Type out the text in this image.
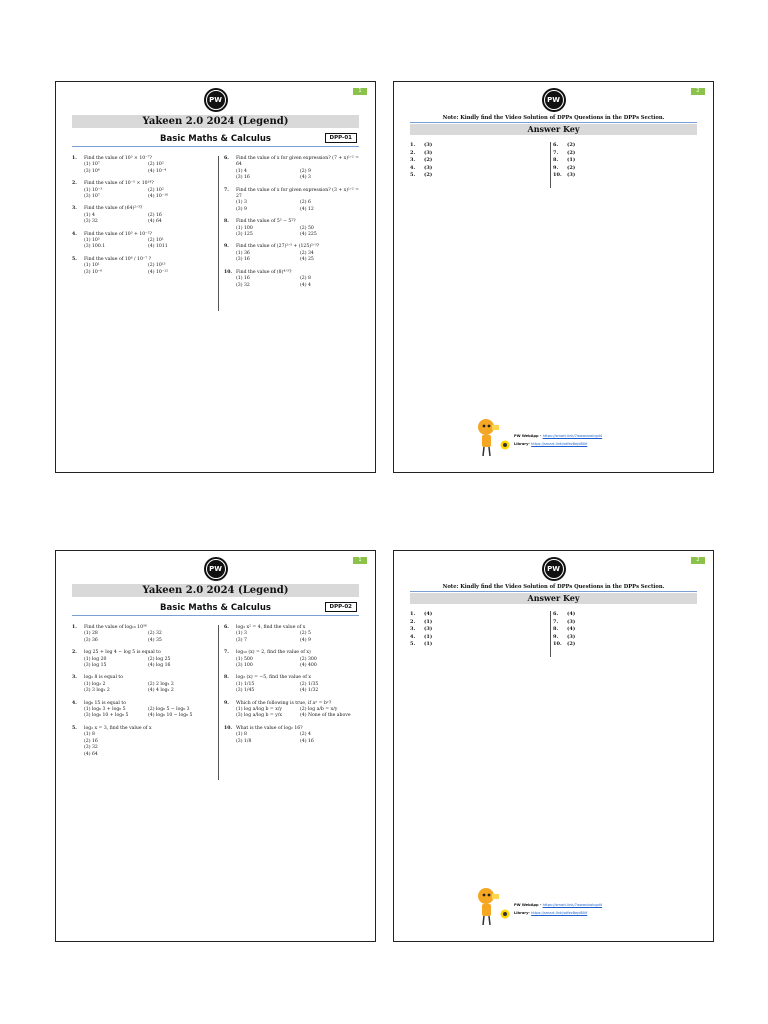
1
PW
Yakeen 2.0 2024 (Legend)
Basic Maths & Calculus	DPP-01
1.	Find the value of 10³ × 10⁻⁷?
(1) 10⁷	(2) 10²
(3) 10⁶	(4) 10⁻⁴
2.	Find the value of 10⁻⁵ × 10¹⁴?
(1) 10⁻³	(2) 10²
(3) 10⁷	(4) 10⁻¹⁰
3.	Find the value of (64)²ᐟ³?
(1) 4	(2) 16
(3) 32	(4) 64
4.	Find the value of 10³ + 10⁻²?
(1) 10⁵	(2) 10¹
(3) 100.1	(4) 1011
5.	Find the value of 10⁶ / 10⁻⁷ ?
(1) 10¹	(2) 10¹³
(3) 10⁻⁶	(4) 10⁻¹²
6.	Find the value of x for given expression? (7 + x)¹ᐟ² = 64
(1) 4	(2) 9
(3) 16	(4) 3
7.	Find the value of x for given expression? (3 + x)¹ᐟ² = 27
(1) 3	(2) 6
(3) 9	(4) 12
8.	Find the value of 5³ − 5²?
(1) 100	(2) 50
(3) 125	(4) 225
9.	Find the value of (27)²ᐟ³ + (125)²ᐟ³?
(1) 36	(2) 34
(3) 16	(4) 25
10. Find the value of (8)⁴ᐟ³?
(1) 16	(2) 8
(3) 32	(4) 4
2
PW
Note: Kindly find the Video Solution of DPPs Questions in the DPPs Section.
Answer Key
1.	(3)
2.	(3)
3.	(2)
4.	(3)
5.	(2)
6.	(2)
7.	(2)
8.	(1)
9.	(2)
10.	(3)
PW WebApp - https://smart.link/7wwosivoicgd4
Library- https://smart.link/sdfez8ejd80if
1
PW
Yakeen 2.0 2024 (Legend)
Basic Maths & Calculus	DPP-02
1.	Find the value of log₁₀ 10³⁶
(1) 28	(2) 32
(3) 36	(4) 35
2.	log 25 + log 4 − log 5 is equal to
(1) log 20	(2) log 25
(3) log 15	(4) log 16
3.	log₂ 8 is equal to
(1) log₂ 2	(2) 2 log₂ 2
(3) 3 log₂ 2	(4) 4 log₂ 2
4.	log₆ 15 is equal to
(1) log₆ 3 + log₆ 5	(2) log₆ 5 − log₆ 3
(3) log₆ 10 + log₆ 5	(4) log₆ 10 − log₆ 5
5.	log₂ x = 3, find the value of x
(1) 8
(2) 16
(3) 32
(4) 64
6.	log₃ x² = 4, find the value of x
(1) 3	(2) 5
(3) 7	(4) 9
7.	log₁₀ (x) = 2, find the value of x)
(1) 500	(2) 300
(3) 100	(4) 400
8.	log₂ (x) = −5, find the value of x
(1) 1/15	(2) 1/35
(3) 1/45	(4) 1/32
9.	Which of the following is true, if aˣ = bʸ?
(1) log a/log b = x/y	(2) log a/b = x/y
(3) log a/log b = y/x	(4) None of the above
10. What is the value of log₂ 16?
(1) 8	(2) 4
(3) 1/8	(4) 16
2
PW
Note: Kindly find the Video Solution of DPPs Questions in the DPPs Section.
Answer Key
1.	(4)
2.	(1)
3.	(3)
4.	(1)
5.	(1)
6.	(4)
7.	(3)
8.	(4)
9.	(3)
10.	(2)
PW WebApp - https://smart.link/7wwosivoicgd4
Library- https://smart.link/sdfez8ejd80if
